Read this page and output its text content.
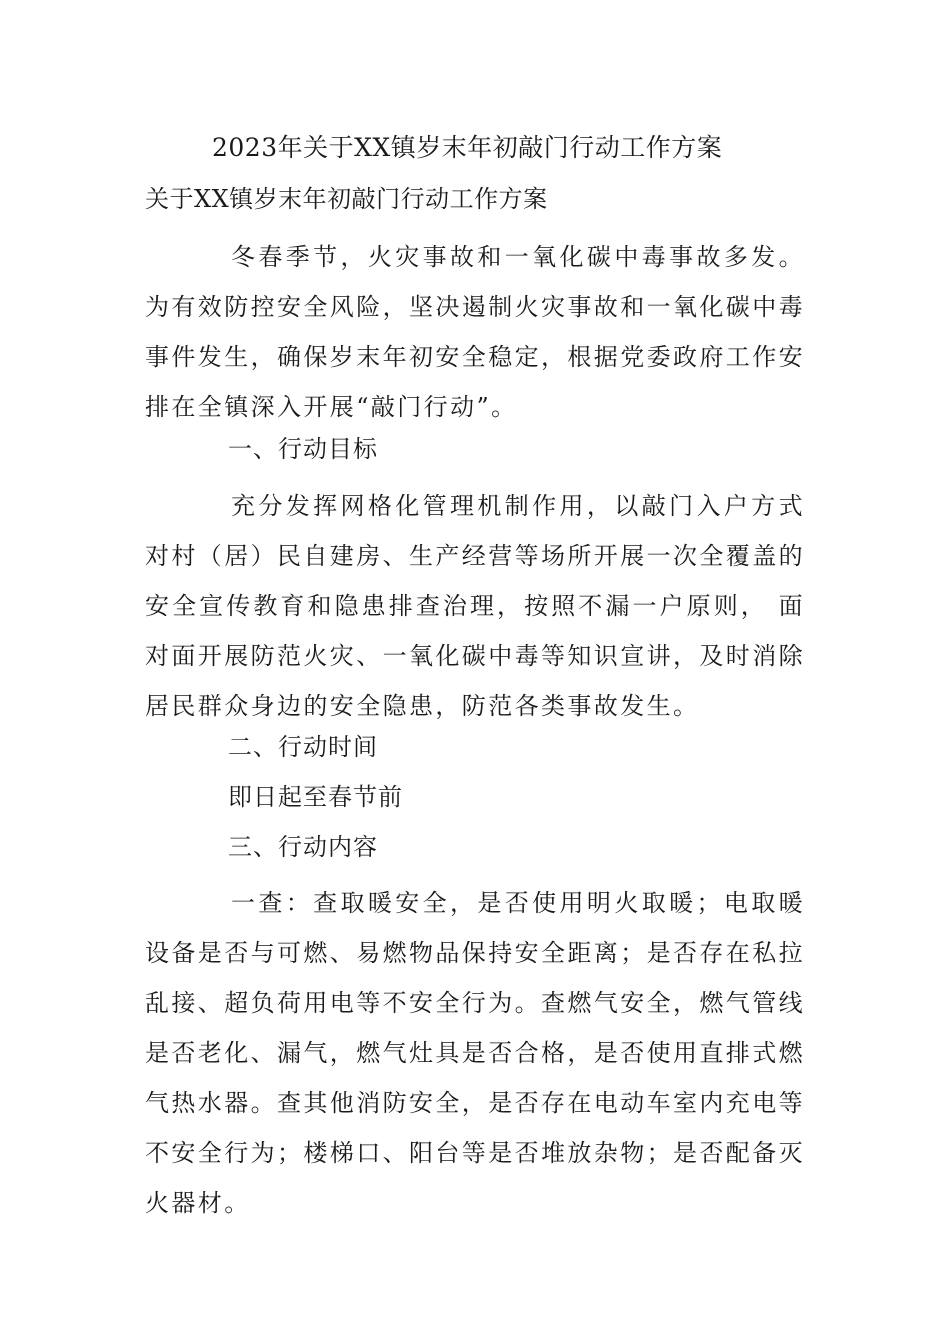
2023年关于XX镇岁末年初敲门行动工作方案
关于XX镇岁末年初敲门行动工作方案
冬春季节，火灾事故和一氧化碳中毒事故多发。为有效防控安全风险，坚决遏制火灾事故和一氧化碳中毒事件发生，确保岁末年初安全稳定，根据党委政府工作安排在全镇深入开展“敲门行动”。
一、行动目标
充分发挥网格化管理机制作用，以敲门入户方式对村（居）民自建房、生产经营等场所开展一次全覆盖的安全宣传教育和隐患排查治理，按照不漏一户原则， 面对面开展防范火灾、一氧化碳中毒等知识宣讲，及时消除居民群众身边的安全隐患，防范各类事故发生。
二、行动时间
即日起至春节前
三、行动内容
一查：查取暖安全，是否使用明火取暖；电取暖设备是否与可燃、易燃物品保持安全距离；是否存在私拉乱接、超负荷用电等不安全行为。查燃气安全，燃气管线是否老化、漏气，燃气灶具是否合格，是否使用直排式燃气热水器。查其他消防安全，是否存在电动车室内充电等不安全行为；楼梯口、阳台等是否堆放杂物；是否配备灭火器材。
